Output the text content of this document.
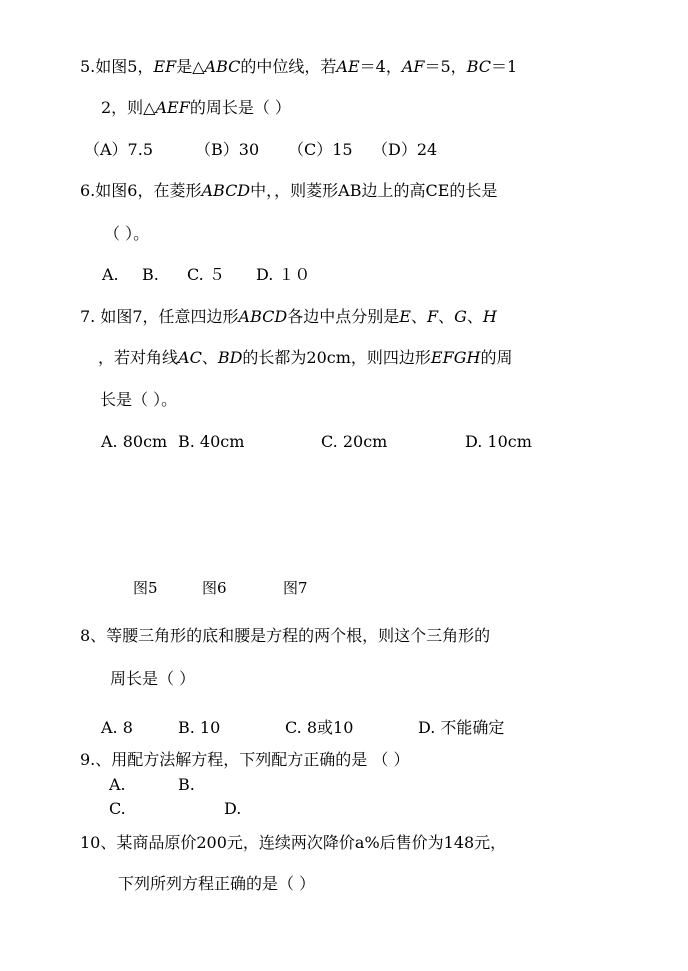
5.如图5，EF是△ABC的中位线，若AE＝4，AF＝5，BC＝1
2，则△AEF的周长是（ ）
（A）7.5	（B）30 （C）15 （D）24
6.如图6，在菱形ABCD中，，则菱形AB边上的高CE的长是
（ ）。
A. B. C. ５ D. １０
7. 如图7，任意四边形ABCD各边中点分别是E、F、G、H
，若对角线AC、BD的长都为20cm，则四边形EFGH的周
长是（ ）。
A. 80cm B. 40cm	C. 20cm	D. 10cm
图5	图6	图7
8、等腰三角形的底和腰是方程的两个根，则这个三角形的
周长是（ ）
A. 8	B. 10	C. 8或10	D. 不能确定
9.、用配方法解方程，下列配方正确的是 （ ）
A.	B.
C.	D.
10、某商品原价200元，连续两次降价a%后售价为148元，
下列所列方程正确的是（ ）
